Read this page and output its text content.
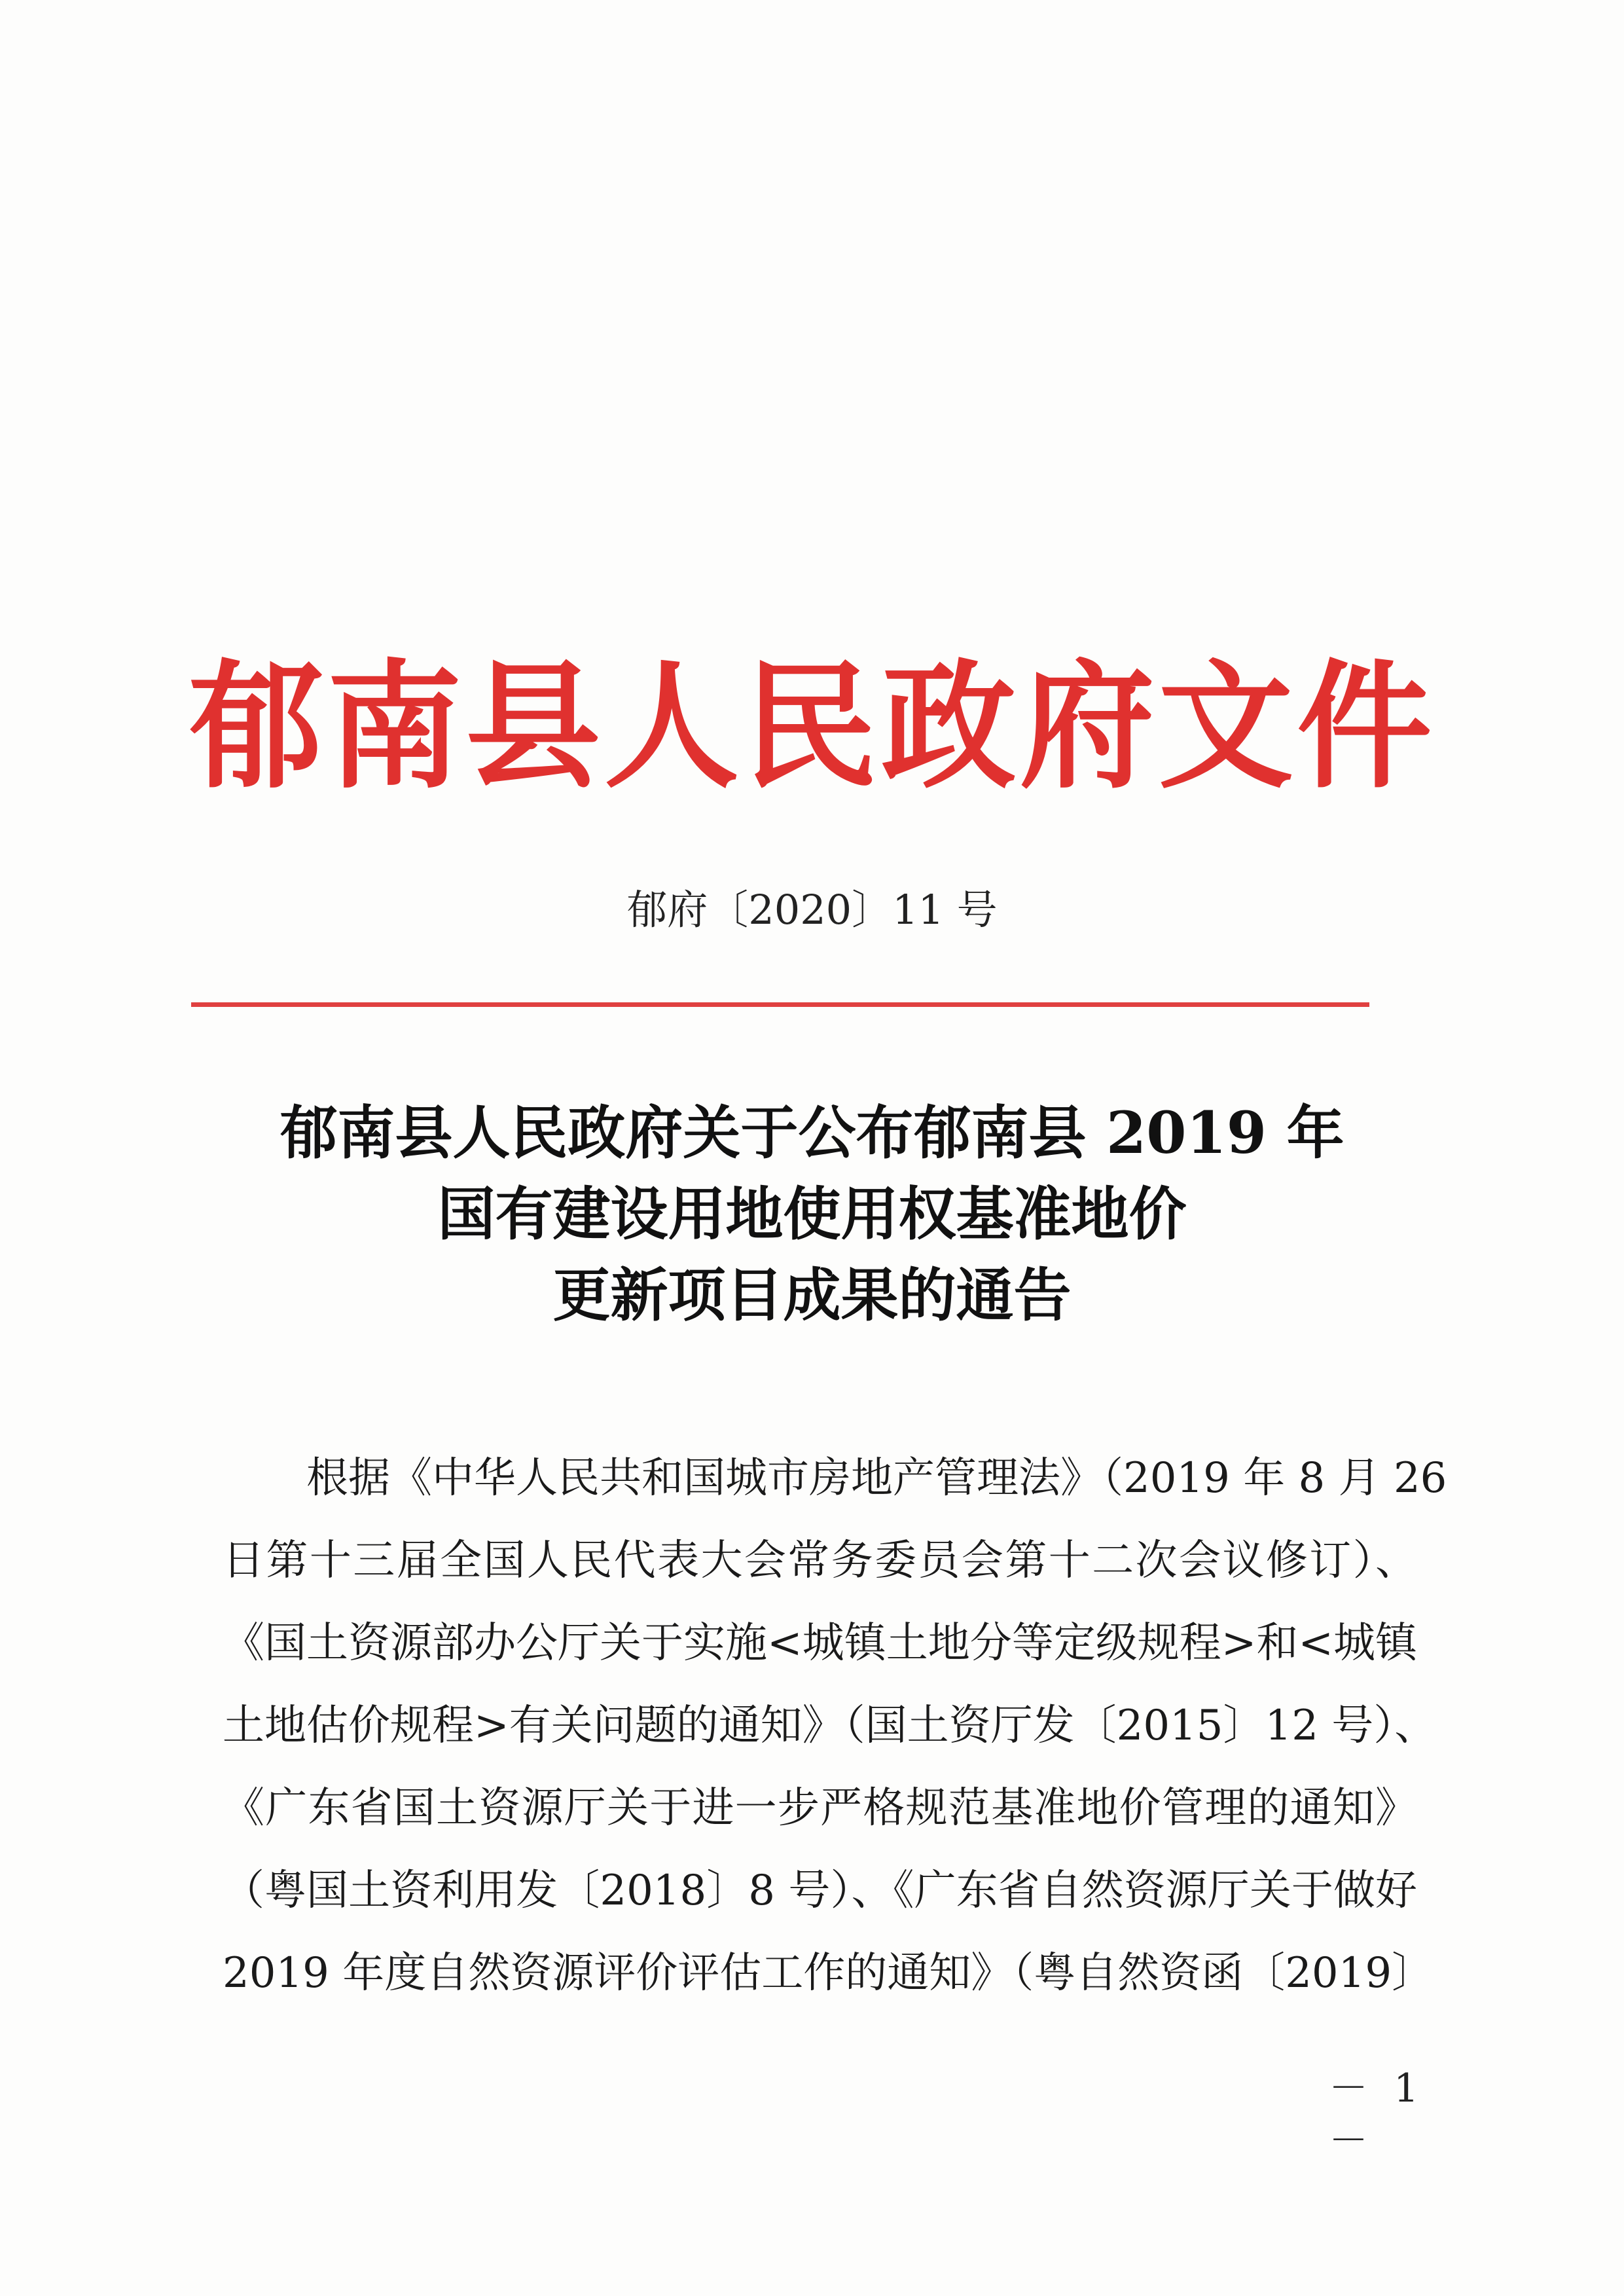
郁南县人民政府文件
郁府〔2020〕11 号
郁南县人民政府关于公布郁南县 2019 年
国有建设用地使用权基准地价
更新项目成果的通告
根据《中华人民共和国城市房地产管理法》（2019 年 8 月 26
日第十三届全国人民代表大会常务委员会第十二次会议修订）、
《国土资源部办公厅关于实施<城镇土地分等定级规程>和<城镇
土地估价规程>有关问题的通知》（国土资厅发〔2015〕12 号）、
《广东省国土资源厅关于进一步严格规范基准地价管理的通知》
（粤国土资利用发〔2018〕8 号）、《广东省自然资源厅关于做好
2019 年度自然资源评价评估工作的通知》（粤自然资函〔2019〕
－ 1 －
